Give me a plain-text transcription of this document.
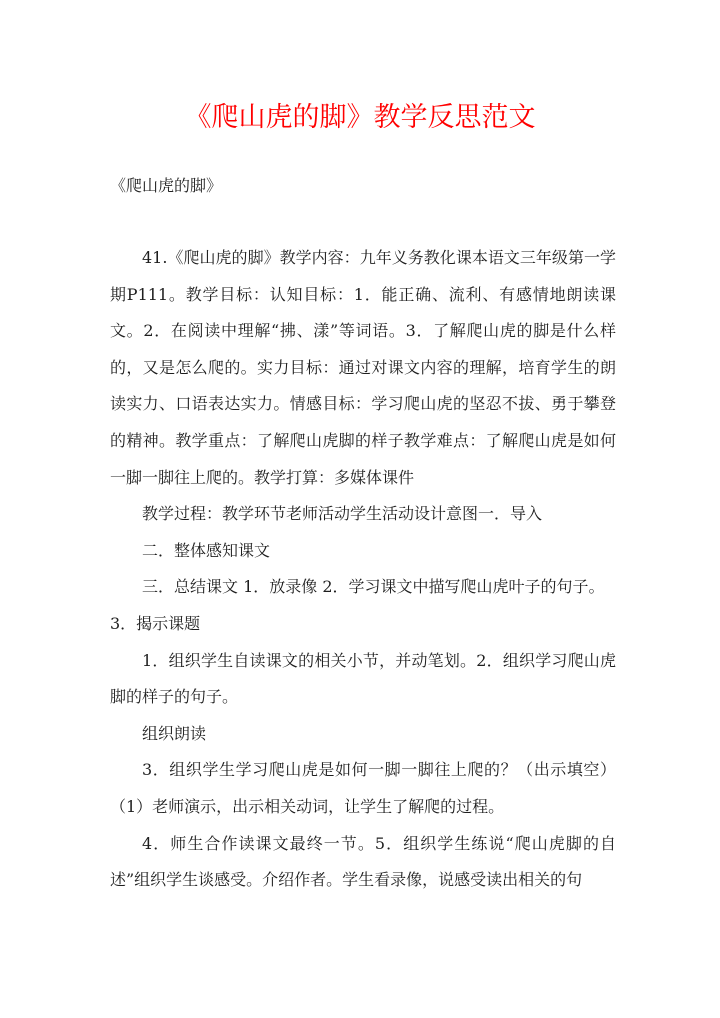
《爬山虎的脚》教学反思范文
《爬山虎的脚》

41.《爬山虎的脚》教学内容：九年义务教化课本语文三年级第一学期P111。教学目标：认知目标：1．能正确、流利、有感情地朗读课文。2．在阅读中理解“拂、漾”等词语。3．了解爬山虎的脚是什么样的，又是怎么爬的。实力目标：通过对课文内容的理解，培育学生的朗读实力、口语表达实力。情感目标：学习爬山虎的坚忍不拔、勇于攀登的精神。教学重点：了解爬山虎脚的样子教学难点：了解爬山虎是如何一脚一脚往上爬的。教学打算：多媒体课件

教学过程：教学环节老师活动学生活动设计意图一．导入

二．整体感知课文

三．总结课文 1．放录像 2．学习课文中描写爬山虎叶子的句子。

3．揭示课题

1．组织学生自读课文的相关小节，并动笔划。2．组织学习爬山虎脚的样子的句子。

组织朗读

3．组织学生学习爬山虎是如何一脚一脚往上爬的？（出示填空）（1）老师演示，出示相关动词，让学生了解爬的过程。

4．师生合作读课文最终一节。5．组织学生练说“爬山虎脚的自述”组织学生谈感受。介绍作者。学生看录像，说感受读出相关的句
